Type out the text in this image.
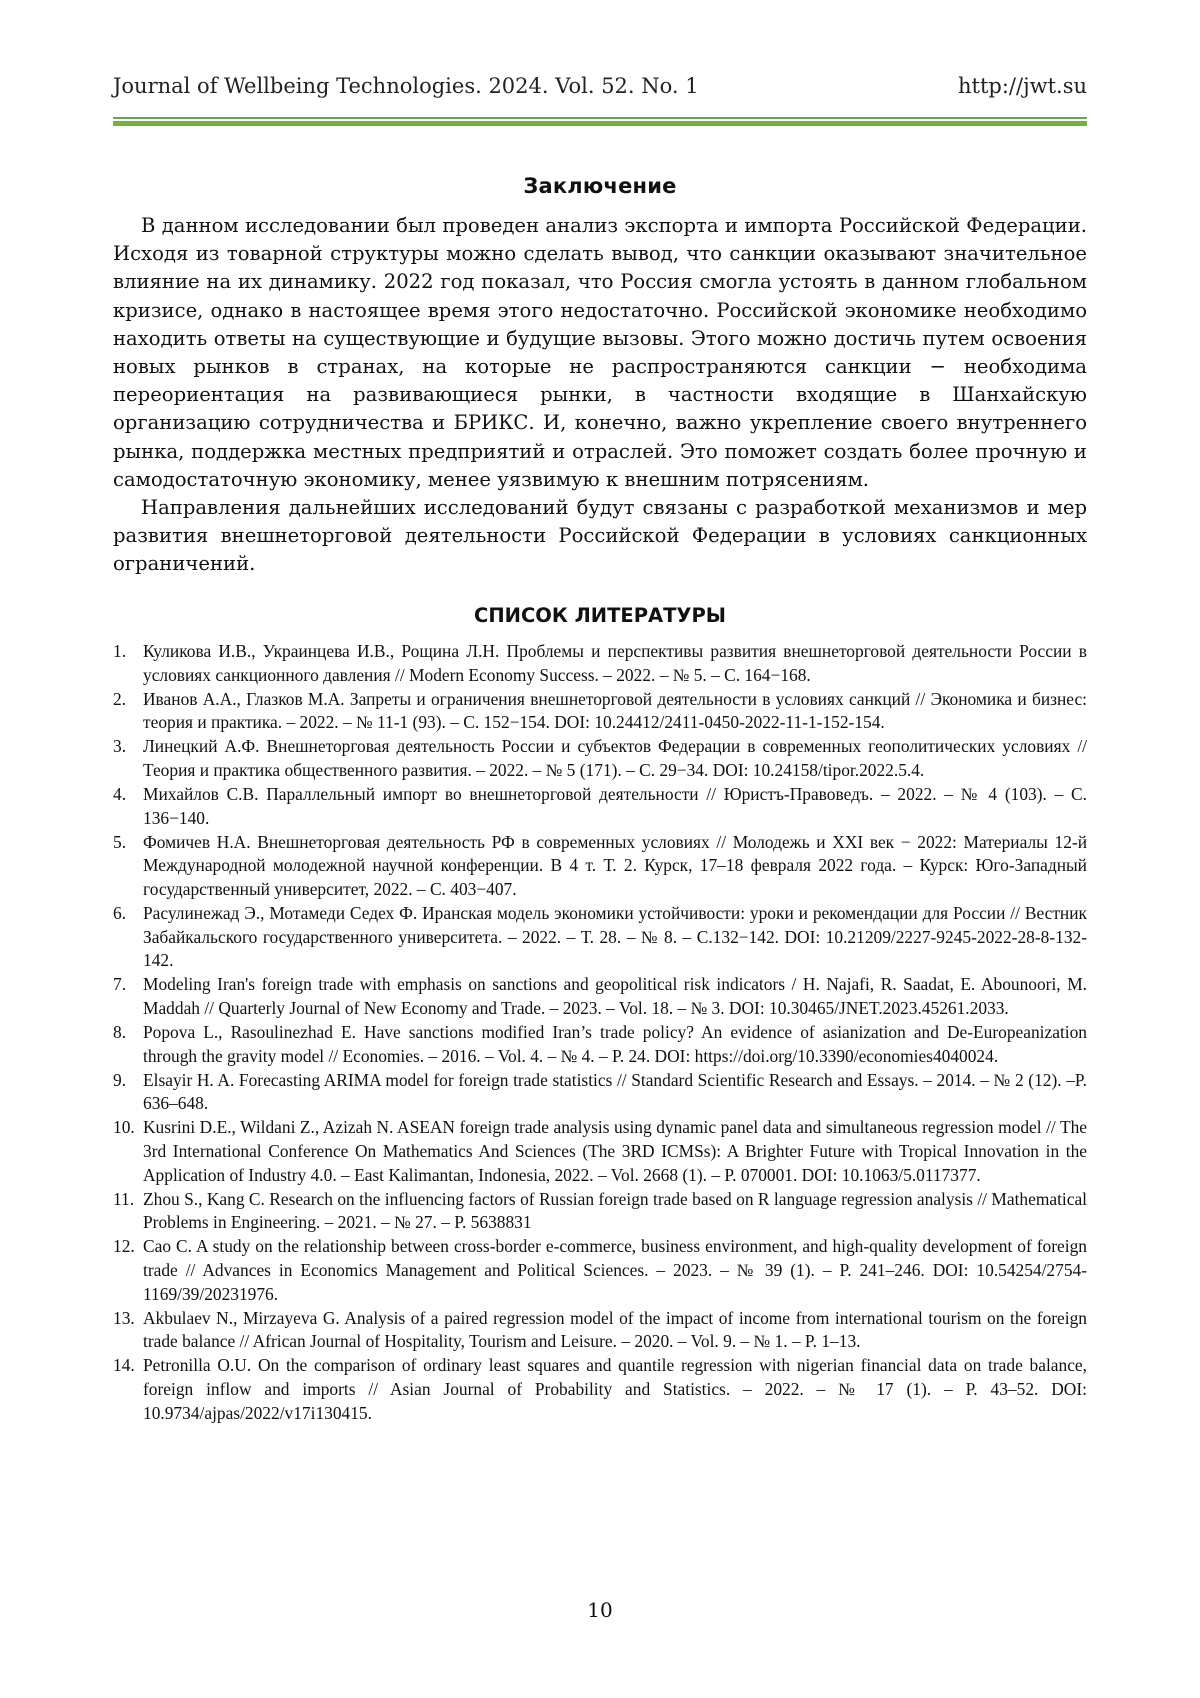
Journal of Wellbeing Technologies. 2024. Vol. 52. No. 1	http://jwt.su
Заключение

В данном исследовании был проведен анализ экспорта и импорта Российской Федерации. Исходя из товарной структуры можно сделать вывод, что санкции оказывают значительное влияние на их динамику. 2022 год показал, что Россия смогла устоять в данном глобальном кризисе, однако в настоящее время этого недостаточно. Российской экономике необходимо находить ответы на существующие и будущие вызовы. Этого можно достичь путем освоения новых рынков в странах, на которые не распространяются санкции − необходима переориентация на развивающиеся рынки, в частности входящие в Шанхайскую организацию сотрудничества и БРИКС. И, конечно, важно укрепление своего внутреннего рынка, поддержка местных предприятий и отраслей. Это поможет создать более прочную и самодостаточную экономику, менее уязвимую к внешним потрясениям.

Направления дальнейших исследований будут связаны с разработкой механизмов и мер развития внешнеторговой деятельности Российской Федерации в условиях санкционных ограничений.

СПИСОК ЛИТЕРАТУРЫ
1. Куликова И.В., Украинцева И.В., Рощина Л.Н. Проблемы и перспективы развития внешнеторговой деятельности России в условиях санкционного давления // Modern Economy Success. – 2022. – № 5. – С. 164−168.
2. Иванов А.А., Глазков М.А. Запреты и ограничения внешнеторговой деятельности в условиях санкций // Экономика и бизнес: теория и практика. – 2022. – № 11-1 (93). – С. 152−154. DOI: 10.24412/2411-0450-2022-11-1-152-154.
3. Линецкий А.Ф. Внешнеторговая деятельность России и субъектов Федерации в современных геополитических условиях // Теория и практика общественного развития. – 2022. – № 5 (171). – С. 29−34. DOI: 10.24158/tipor.2022.5.4.
4. Михайлов С.В. Параллельный импорт во внешнеторговой деятельности // Юристъ-Правоведъ. – 2022. – № 4 (103). – С. 136−140.
5. Фомичев Н.А. Внешнеторговая деятельность РФ в современных условиях // Молодежь и XXI век − 2022: Материалы 12-й Международной молодежной научной конференции. В 4 т. Т. 2. Курск, 17–18 февраля 2022 года. – Курск: Юго-Западный государственный университет, 2022. – С. 403−407.
6. Расулинежад Э., Мотамеди Седех Ф. Иранская модель экономики устойчивости: уроки и рекомендации для России // Вестник Забайкальского государственного университета. – 2022. – Т. 28. – № 8. – С.132−142. DOI: 10.21209/2227-9245-2022-28-8-132-142.
7. Modeling Iran's foreign trade with emphasis on sanctions and geopolitical risk indicators / H. Najafi, R. Saadat, E. Abounoori, M. Maddah // Quarterly Journal of New Economy and Trade. – 2023. – Vol. 18. – № 3. DOI: 10.30465/JNET.2023.45261.2033.
8. Popova L., Rasoulinezhad E. Have sanctions modified Iran’s trade policy? An evidence of asianization and De-Europeanization through the gravity model // Economies. – 2016. – Vol. 4. – № 4. – P. 24. DOI: https://doi.org/10.3390/economies4040024.
9. Elsayir H. A. Forecasting ARIMA model for foreign trade statistics // Standard Scientific Research and Essays. – 2014. – № 2 (12). –P. 636–648.
10. Kusrini D.E., Wildani Z., Azizah N. ASEAN foreign trade analysis using dynamic panel data and simultaneous regression model // The 3rd International Conference On Mathematics And Sciences (The 3RD ICMSs): A Brighter Future with Tropical Innovation in the Application of Industry 4.0. – East Kalimantan, Indonesia, 2022. – Vol. 2668 (1). – P. 070001. DOI: 10.1063/5.0117377.
11. Zhou S., Kang C. Research on the influencing factors of Russian foreign trade based on R language regression analysis // Mathematical Problems in Engineering. – 2021. – № 27. – P. 5638831
12. Cao C. A study on the relationship between cross-border e-commerce, business environment, and high-quality development of foreign trade // Advances in Economics Management and Political Sciences. – 2023. – № 39 (1). – P. 241–246. DOI: 10.54254/2754-1169/39/20231976.
13. Akbulaev N., Mirzayeva G. Analysis of a paired regression model of the impact of income from international tourism on the foreign trade balance // African Journal of Hospitality, Tourism and Leisure. – 2020. – Vol. 9. – № 1. – P. 1–13.
14. Petronilla O.U. On the comparison of ordinary least squares and quantile regression with nigerian financial data on trade balance, foreign inflow and imports // Asian Journal of Probability and Statistics. – 2022. – № 17 (1). – P. 43–52. DOI: 10.9734/ajpas/2022/v17i130415.
10
